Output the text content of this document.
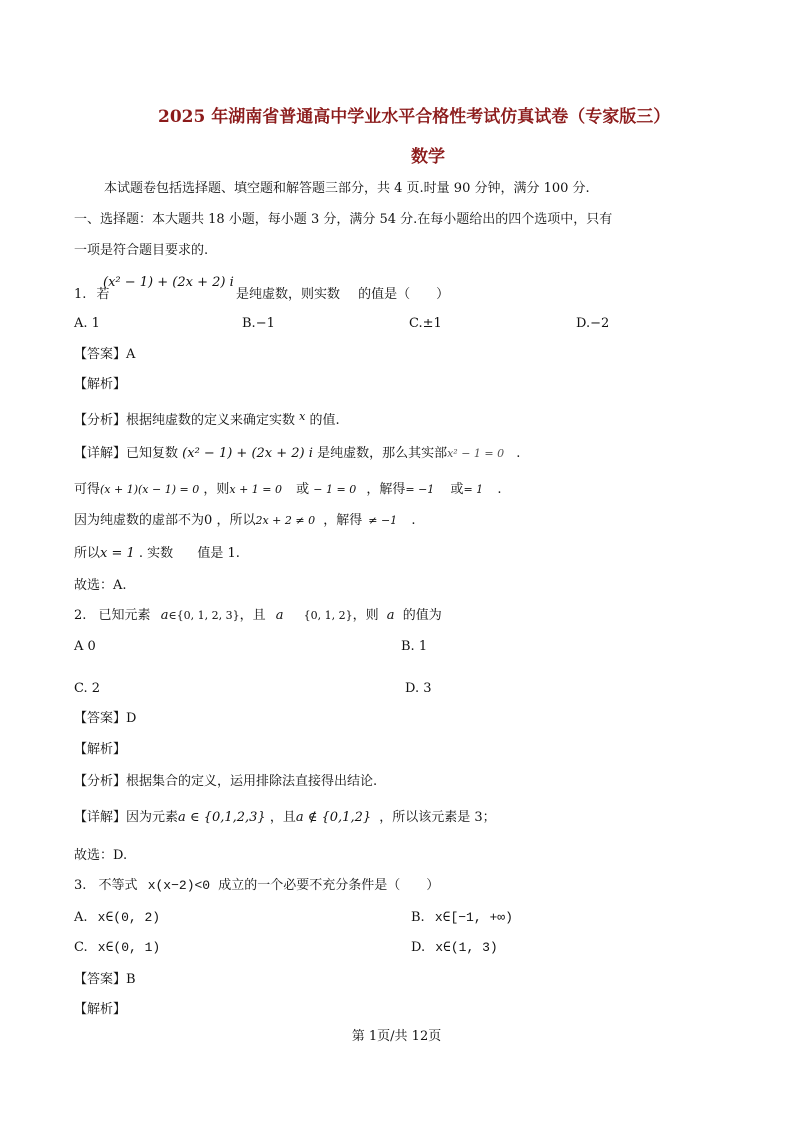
2025 年湖南省普通高中学业水平合格性考试仿真试卷（专家版三）
数学
本试题卷包括选择题、填空题和解答题三部分，共 4 页.时量 90 分钟，满分 100 分.
一、选择题：本大题共 18 小题，每小题 3 分，满分 54 分.在每小题给出的四个选项中，只有
一项是符合题目要求的.
1. 若
(x² − 1) + (2x + 2) i
是纯虚数，则实数 的值是（　　）
A. 1	B.−1	C.±1	D.−2
【答案】A
【解析】
【分析】根据纯虚数的定义来确定实数 $^x$ 的值.
【详解】已知复数 (x² − 1) + (2x + 2) i 是纯虚数，那么其实部x² − 1 = 0 .
可得(x + 1)(x − 1) = 0 ，则x + 1 = 0 或 − 1 = 0 ，解得= −1 或= 1 .
因为纯虚数的虚部不为0 ，所以2x + 2 ≠ 0 ，解得 ≠ −1 .
所以x = 1 . 实数 值是 1.
故选：A.
2. 已知元素 a∈{0, 1, 2, 3}，且 a {0, 1, 2}，则 a 的值为
A 0	B. 1
C. 2	D. 3
【答案】D
【解析】
【分析】根据集合的定义，运用排除法直接得出结论.
【详解】因为元素a ∈ {0,1,2,3} ，且a ∉ {0,1,2} ，所以该元素是 3；
故选：D.
3. 不等式 x(x−2)<0 成立的一个必要不充分条件是（　　）
A. x∈(0, 2)	B. x∈[−1, +∞)
C. x∈(0, 1)	D. x∈(1, 3)
【答案】B
【解析】
第 1页/共 12页
